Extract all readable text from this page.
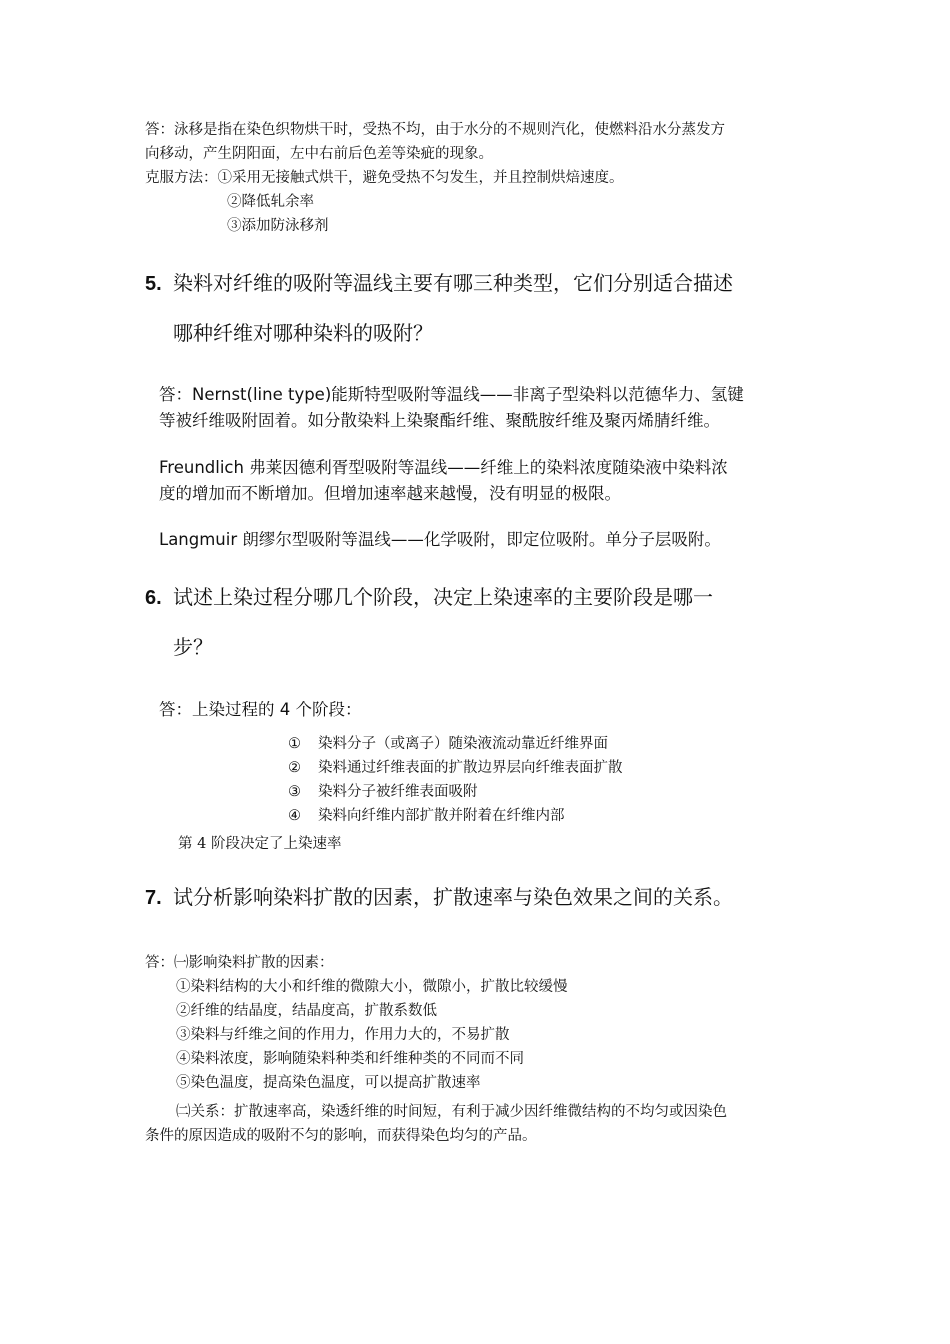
答：泳移是指在染色织物烘干时，受热不均，由于水分的不规则汽化，使燃料沿水分蒸发方
向移动，产生阴阳面，左中右前后色差等染疵的现象。
克服方法：①采用无接触式烘干，避免受热不匀发生，并且控制烘焙速度。
②降低轧余率
③添加防泳移剂
5. 染料对纤维的吸附等温线主要有哪三种类型，它们分别适合描述
哪种纤维对哪种染料的吸附？
答：Nernst(line type)能斯特型吸附等温线——非离子型染料以范德华力、氢键
等被纤维吸附固着。如分散染料上染聚酯纤维、聚酰胺纤维及聚丙烯腈纤维。
Freundlich 弗莱因德利胥型吸附等温线——纤维上的染料浓度随染液中染料浓
度的增加而不断增加。但增加速率越来越慢，没有明显的极限。
Langmuir 朗缪尔型吸附等温线——化学吸附，即定位吸附。单分子层吸附。
6. 试述上染过程分哪几个阶段，决定上染速率的主要阶段是哪一
步？
答：上染过程的 4 个阶段：
① 染料分子（或离子）随染液流动靠近纤维界面
② 染料通过纤维表面的扩散边界层向纤维表面扩散
③ 染料分子被纤维表面吸附
④ 染料向纤维内部扩散并附着在纤维内部
第 4 阶段决定了上染速率
7. 试分析影响染料扩散的因素，扩散速率与染色效果之间的关系。
答：㈠影响染料扩散的因素：
①染料结构的大小和纤维的微隙大小，微隙小，扩散比较缓慢
②纤维的结晶度，结晶度高，扩散系数低
③染料与纤维之间的作用力，作用力大的，不易扩散
④染料浓度，影响随染料种类和纤维种类的不同而不同
⑤染色温度，提高染色温度，可以提高扩散速率
㈡关系：扩散速率高，染透纤维的时间短，有利于减少因纤维微结构的不均匀或因染色
条件的原因造成的吸附不匀的影响，而获得染色均匀的产品。
